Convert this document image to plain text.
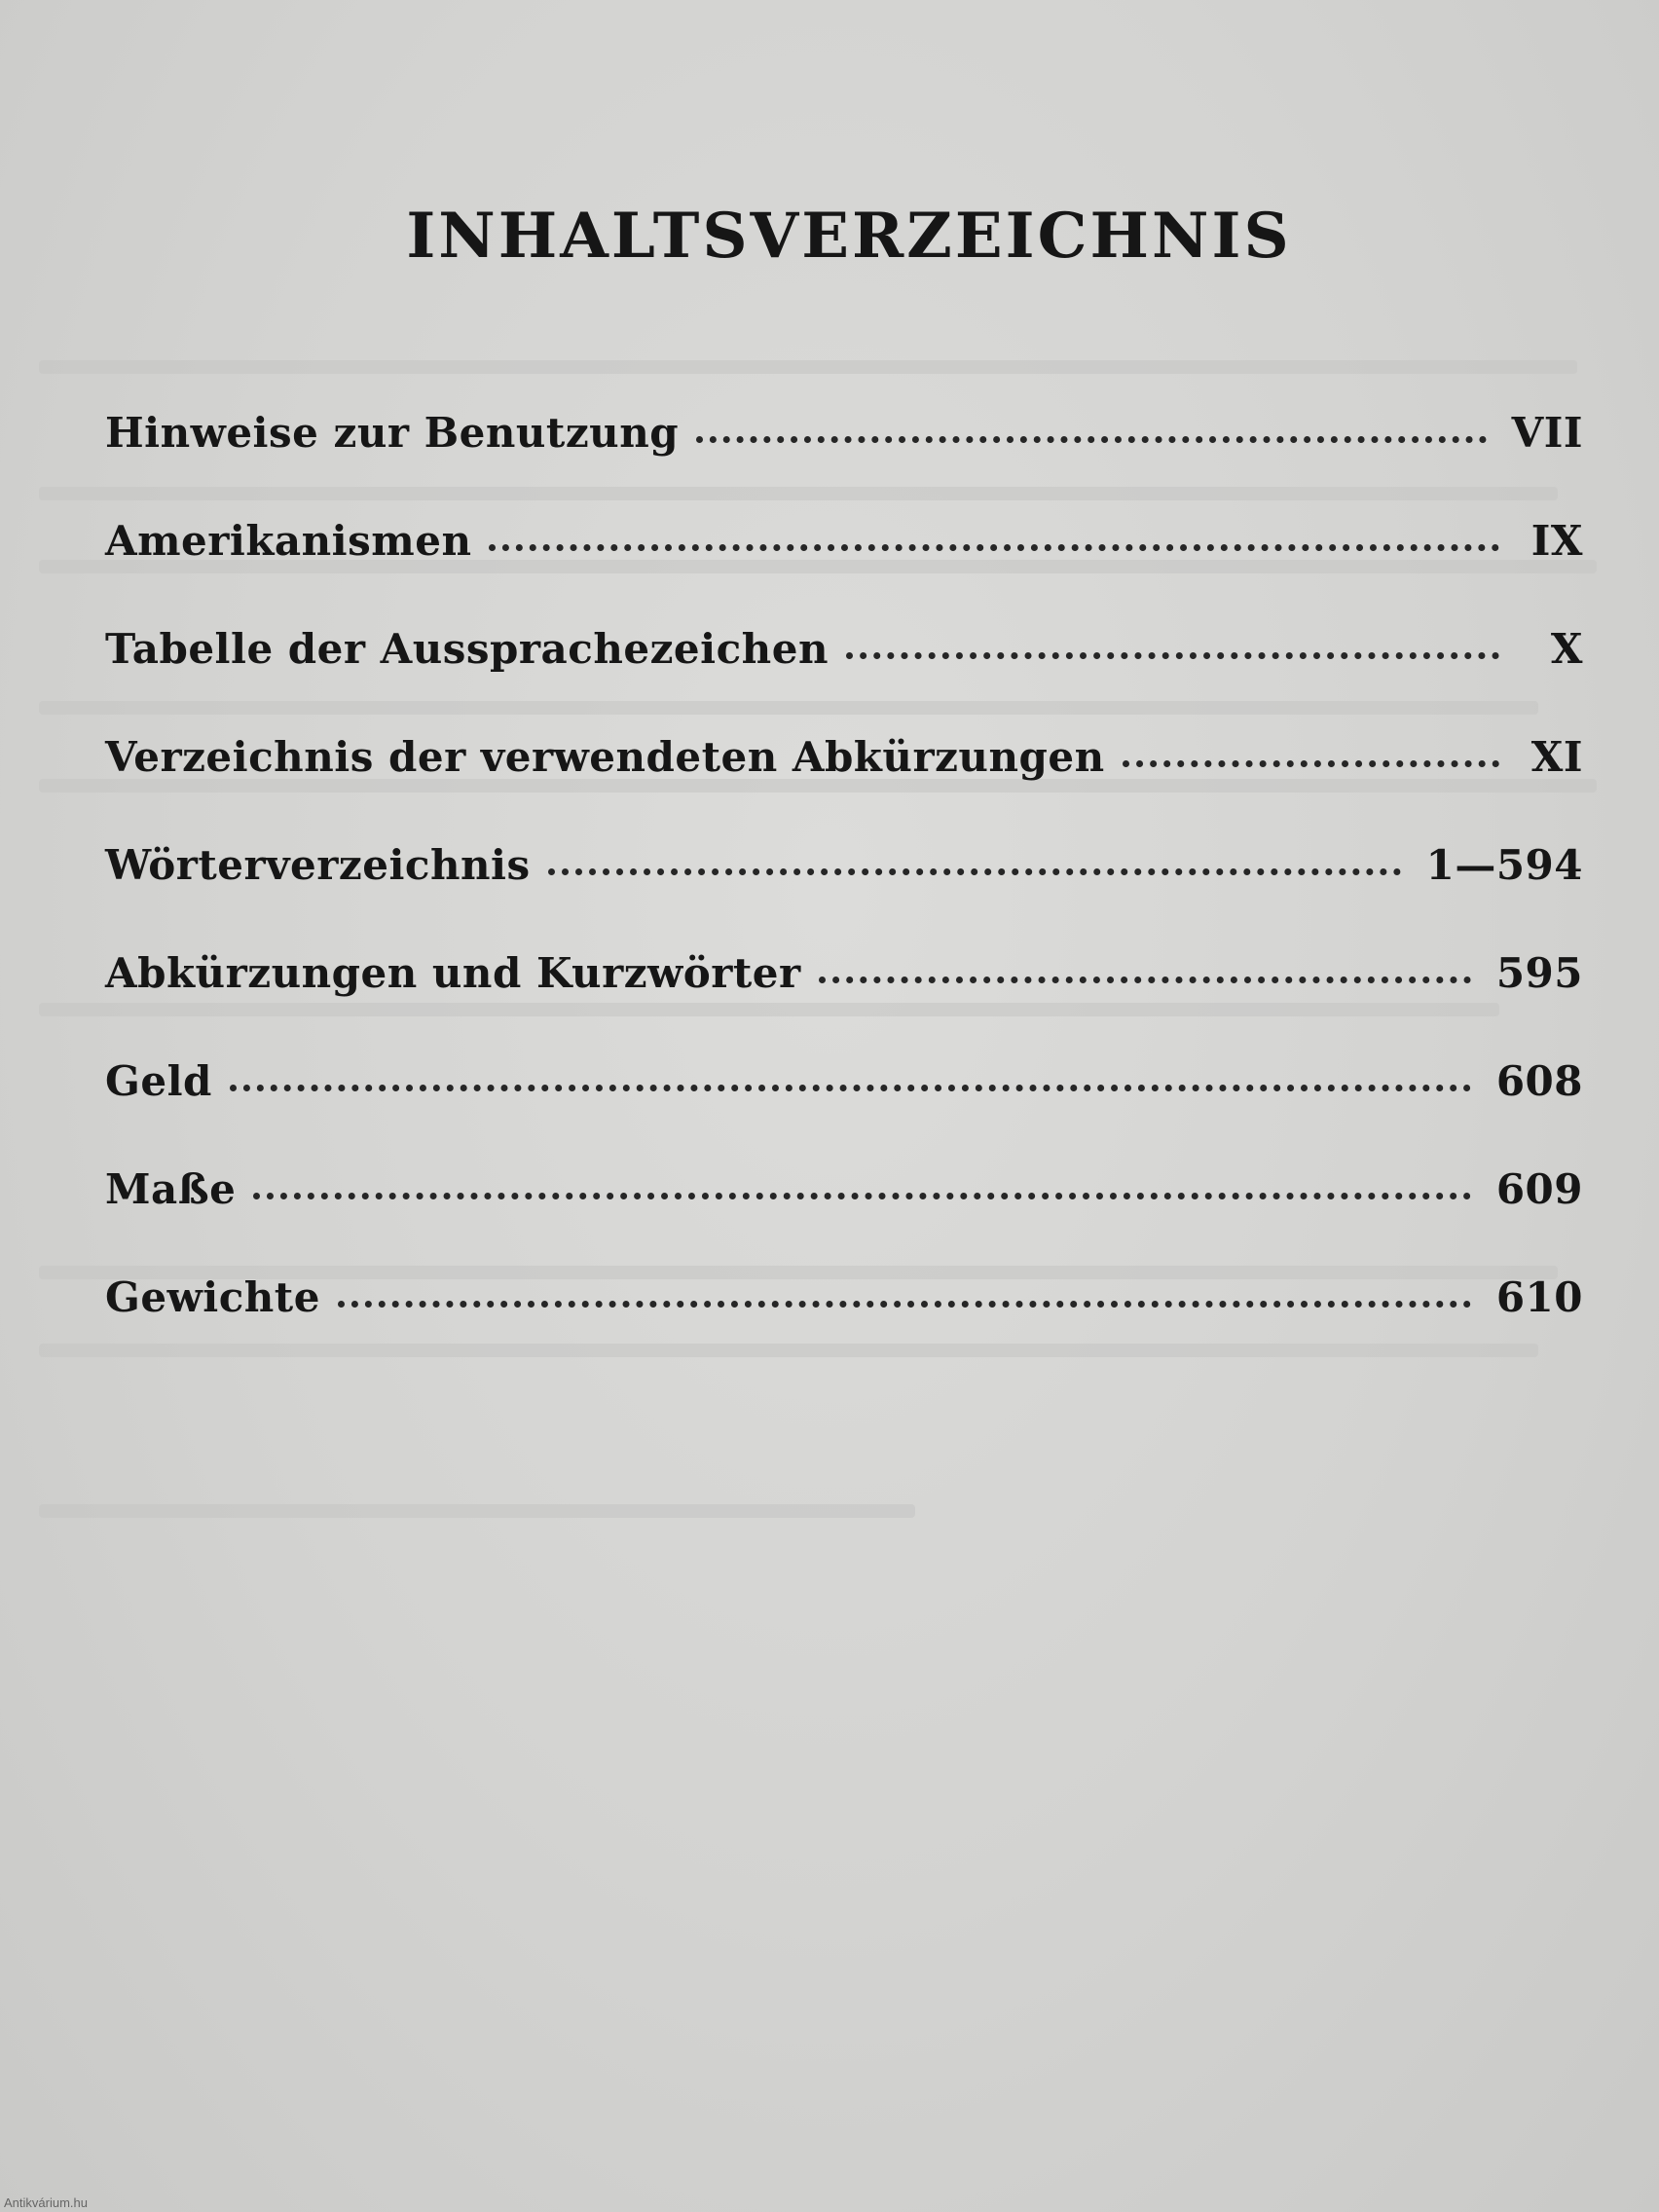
INHALTSVERZEICHNIS
Hinweise zur Benutzung	VII
Amerikanismen	IX
Tabelle der Aussprachezeichen	X
Verzeichnis der verwendeten Abkürzungen	XI
Wörterverzeichnis	1—594
Abkürzungen und Kurzwörter	595
Geld	608
Maße	609
Gewichte	610
Antikvárium.hu
